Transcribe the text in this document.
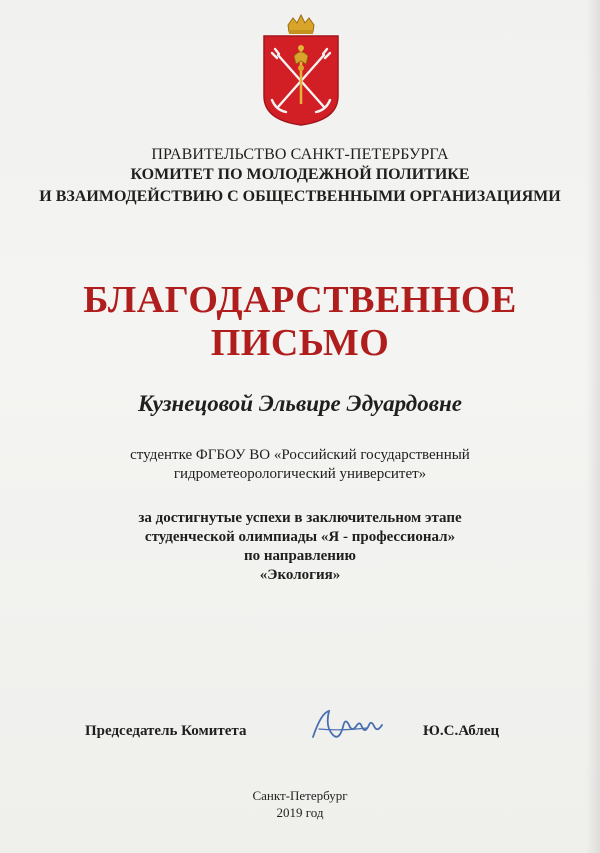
ПРАВИТЕЛЬСТВО САНКТ-ПЕТЕРБУРГА
КОМИТЕТ ПО МОЛОДЕЖНОЙ ПОЛИТИКЕ
И ВЗАИМОДЕЙСТВИЮ С ОБЩЕСТВЕННЫМИ ОРГАНИЗАЦИЯМИ
БЛАГОДАРСТВЕННОЕ
ПИСЬМО
Кузнецовой Эльвире Эдуардовне
студентке ФГБОУ ВО «Российский государственный
гидрометеорологический университет»
за достигнутые успехи в заключительном этапе
студенческой олимпиады «Я - профессионал»
по направлению
«Экология»
Председатель Комитета	Ю.С.Аблец
Санкт-Петербург
2019 год
